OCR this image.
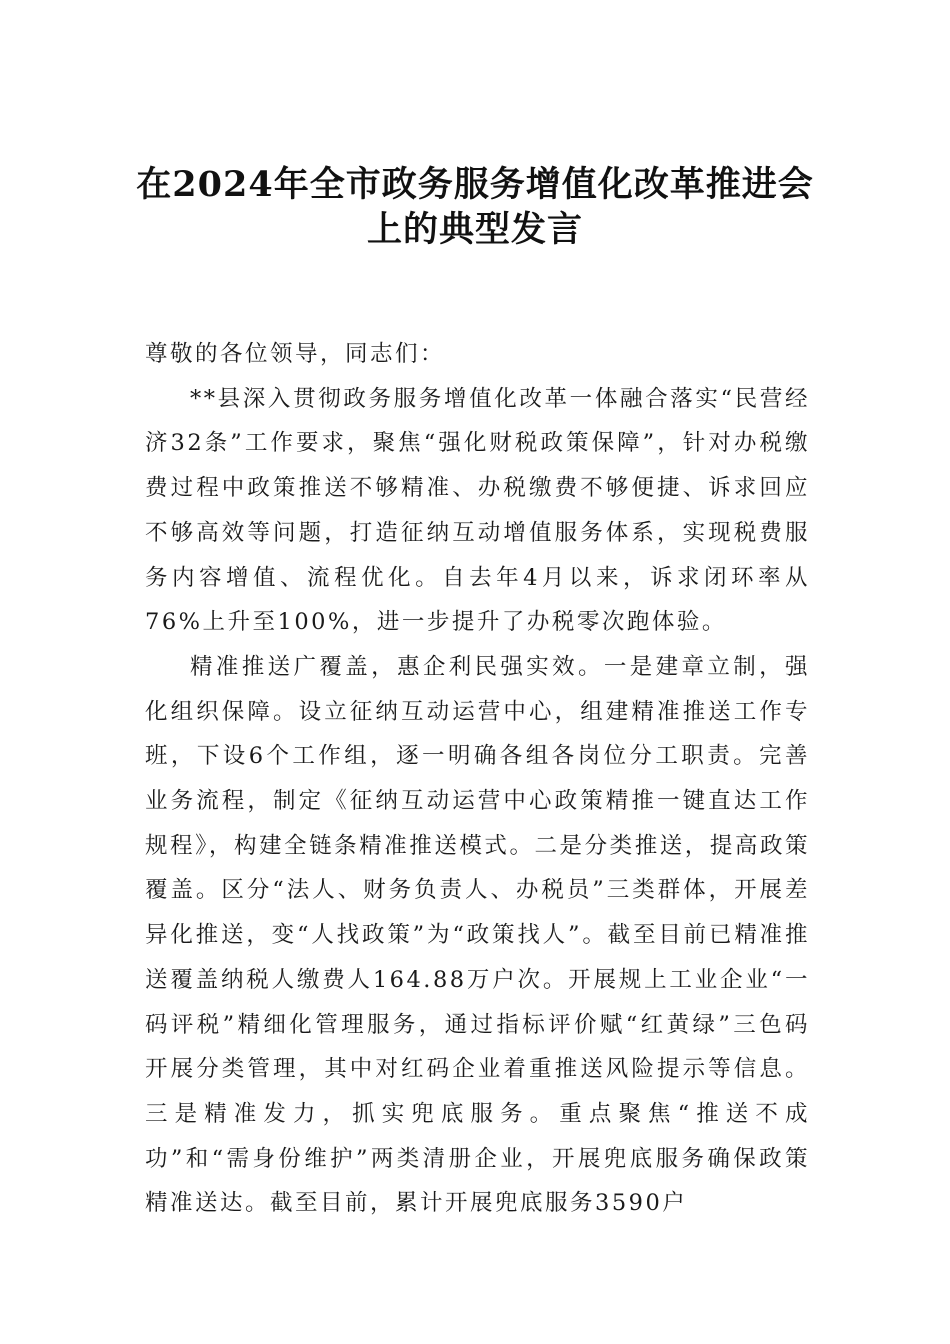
在2024年全市政务服务增值化改革推进会
上的典型发言

尊敬的各位领导，同志们：

**县深入贯彻政务服务增值化改革一体融合落实“民营经济32条”工作要求，聚焦“强化财税政策保障”，针对办税缴费过程中政策推送不够精准、办税缴费不够便捷、诉求回应不够高效等问题，打造征纳互动增值服务体系，实现税费服务内容增值、流程优化。自去年4月以来，诉求闭环率从76%上升至100%，进一步提升了办税零次跑体验。

精准推送广覆盖，惠企利民强实效。一是建章立制，强化组织保障。设立征纳互动运营中心，组建精准推送工作专班，下设6个工作组，逐一明确各组各岗位分工职责。完善业务流程，制定《征纳互动运营中心政策精推一键直达工作规程》，构建全链条精准推送模式。二是分类推送，提高政策覆盖。区分“法人、财务负责人、办税员”三类群体，开展差异化推送，变“人找政策”为“政策找人”。截至目前已精准推送覆盖纳税人缴费人164.88万户次。开展规上工业企业“一码评税”精细化管理服务，通过指标评价赋“红黄绿”三色码开展分类管理，其中对红码企业着重推送风险提示等信息。三是精准发力，抓实兜底服务。重点聚焦“推送不成功”和“需身份维护”两类清册企业，开展兜底服务确保政策精准送达。截至目前，累计开展兜底服务3590户
